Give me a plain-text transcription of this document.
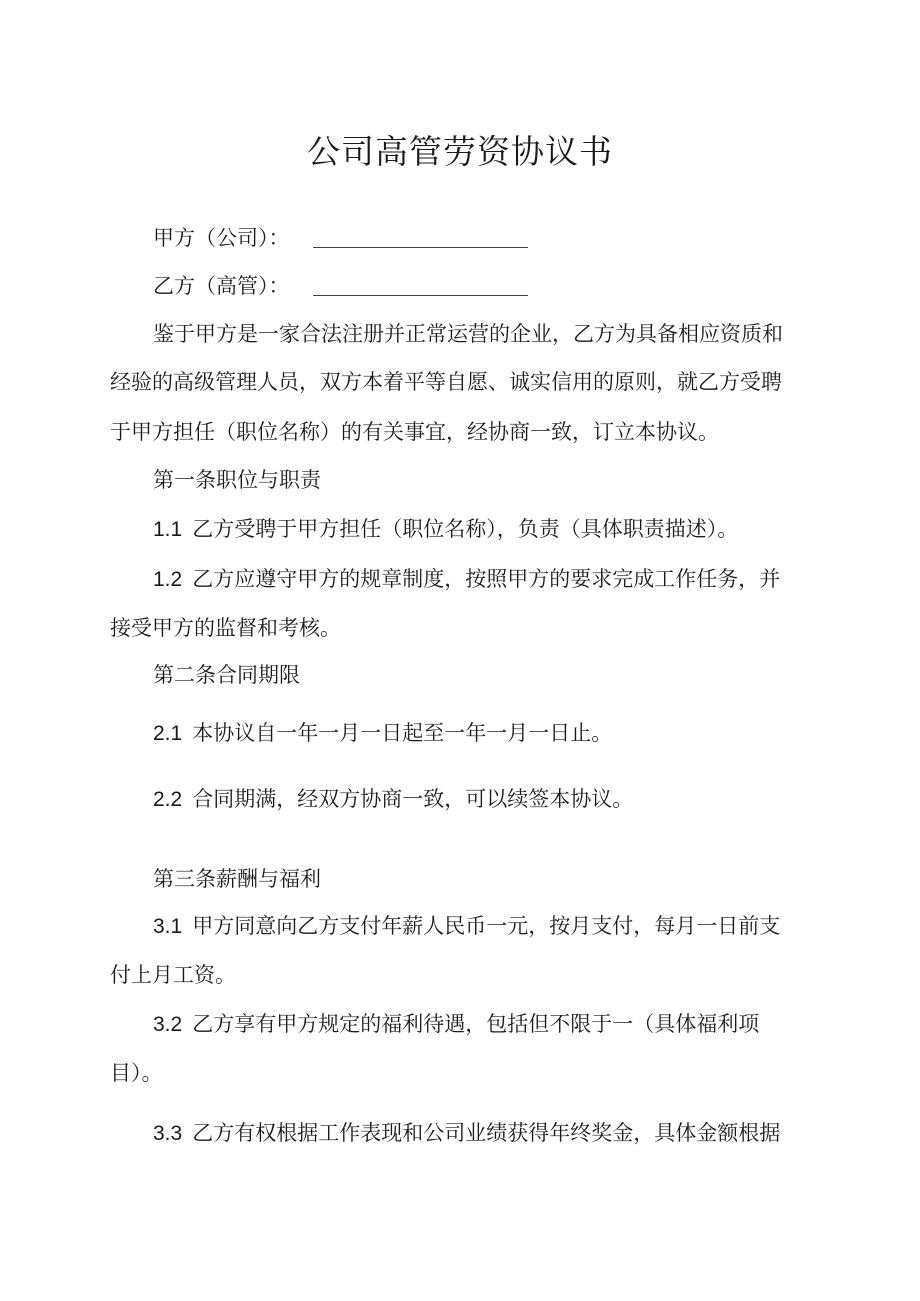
公司高管劳资协议书
甲方（公司）：
乙方（高管）：
鉴于甲方是一家合法注册并正常运营的企业，乙方为具备相应资质和
经验的高级管理人员，双方本着平等自愿、诚实信用的原则，就乙方受聘
于甲方担任（职位名称）的有关事宜，经协商一致，订立本协议。
第一条职位与职责
1.1 乙方受聘于甲方担任（职位名称），负责（具体职责描述）。
1.2 乙方应遵守甲方的规章制度，按照甲方的要求完成工作任务，并
接受甲方的监督和考核。
第二条合同期限
2.1 本协议自一年一月一日起至一年一月一日止。
2.2 合同期满，经双方协商一致，可以续签本协议。
第三条薪酬与福利
3.1 甲方同意向乙方支付年薪人民币一元，按月支付，每月一日前支
付上月工资。
3.2 乙方享有甲方规定的福利待遇，包括但不限于一（具体福利项
目）。
3.3 乙方有权根据工作表现和公司业绩获得年终奖金，具体金额根据
